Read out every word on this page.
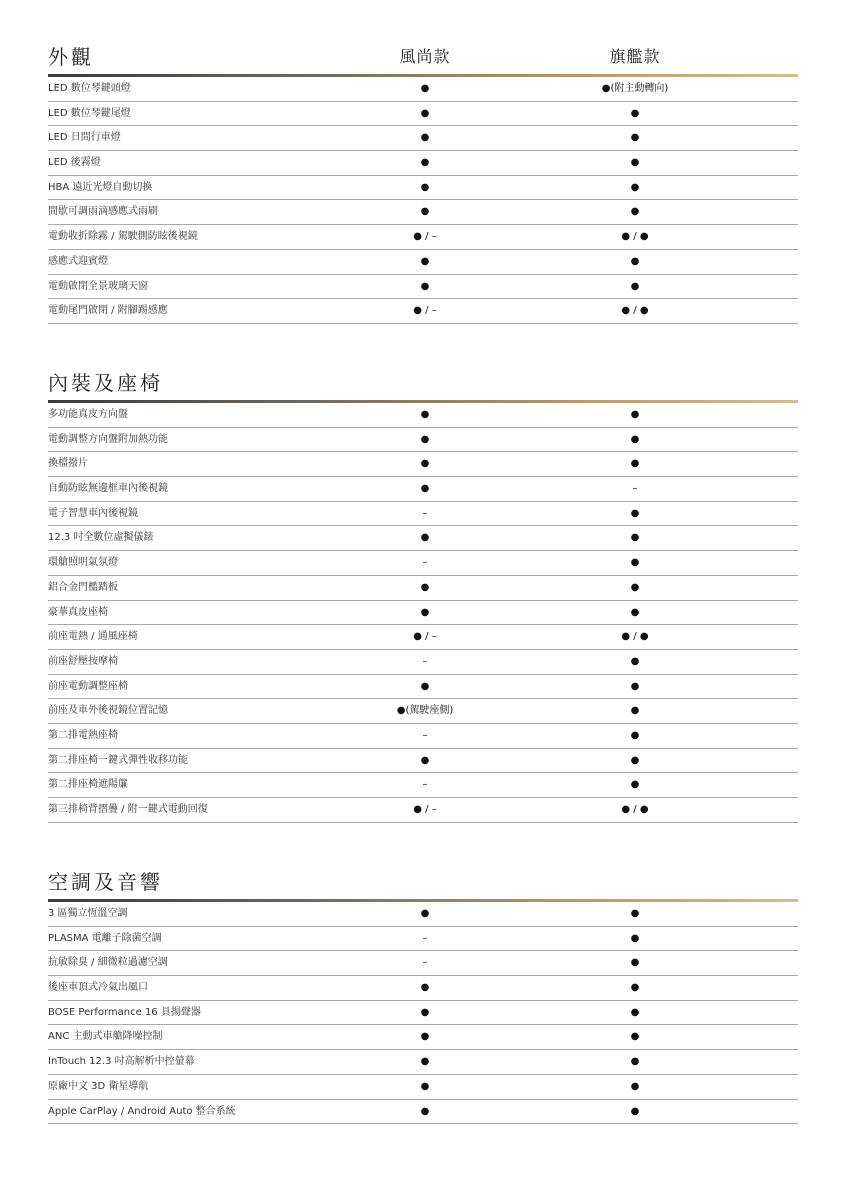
外觀	風尚款	旗艦款
LED 數位琴鍵頭燈	●	●(附主動轉向)
LED 數位琴鍵尾燈	●	●
LED 日間行車燈	●	●
LED 後霧燈	●	●
HBA 遠近光燈自動切換	●	●
間歇可調雨滴感應式雨刷	●	●
電動收折除霧 / 駕駛側防眩後視鏡	● / –	● / ●
感應式迎賓燈	●	●
電動啟閉全景玻璃天窗	●	●
電動尾門啟閉 / 附腳踢感應	● / –	● / ●
內裝及座椅
多功能真皮方向盤	●	●
電動調整方向盤附加熱功能	●	●
換檔撥片	●	●
自動防眩無邊框車內後視鏡	●	–
電子智慧車內後視鏡	–	●
12.3 吋全數位虛擬儀錶	●	●
環艙照明氣氛燈	–	●
鋁合金門檻踏板	●	●
豪華真皮座椅	●	●
前座電熱 / 通風座椅	● / –	● / ●
前座舒壓按摩椅	–	●
前座電動調整座椅	●	●
前座及車外後視鏡位置記憶	●(駕駛座側)	●
第二排電熱座椅	–	●
第二排座椅一鍵式彈性收移功能	●	●
第二排座椅遮陽簾	–	●
第三排椅背摺疊 / 附一鍵式電動回復	● / –	● / ●
空調及音響
3 區獨立恆溫空調	●	●
PLASMA 電離子除菌空調	–	●
抗敏除臭 / 細微粒過濾空調	–	●
後座車頂式冷氣出風口	●	●
BOSE Performance 16 具揚聲器	●	●
ANC 主動式車艙降噪控制	●	●
InTouch 12.3 吋高解析中控螢幕	●	●
原廠中文 3D 衛星導航	●	●
Apple CarPlay / Android Auto 整合系統	●	●
